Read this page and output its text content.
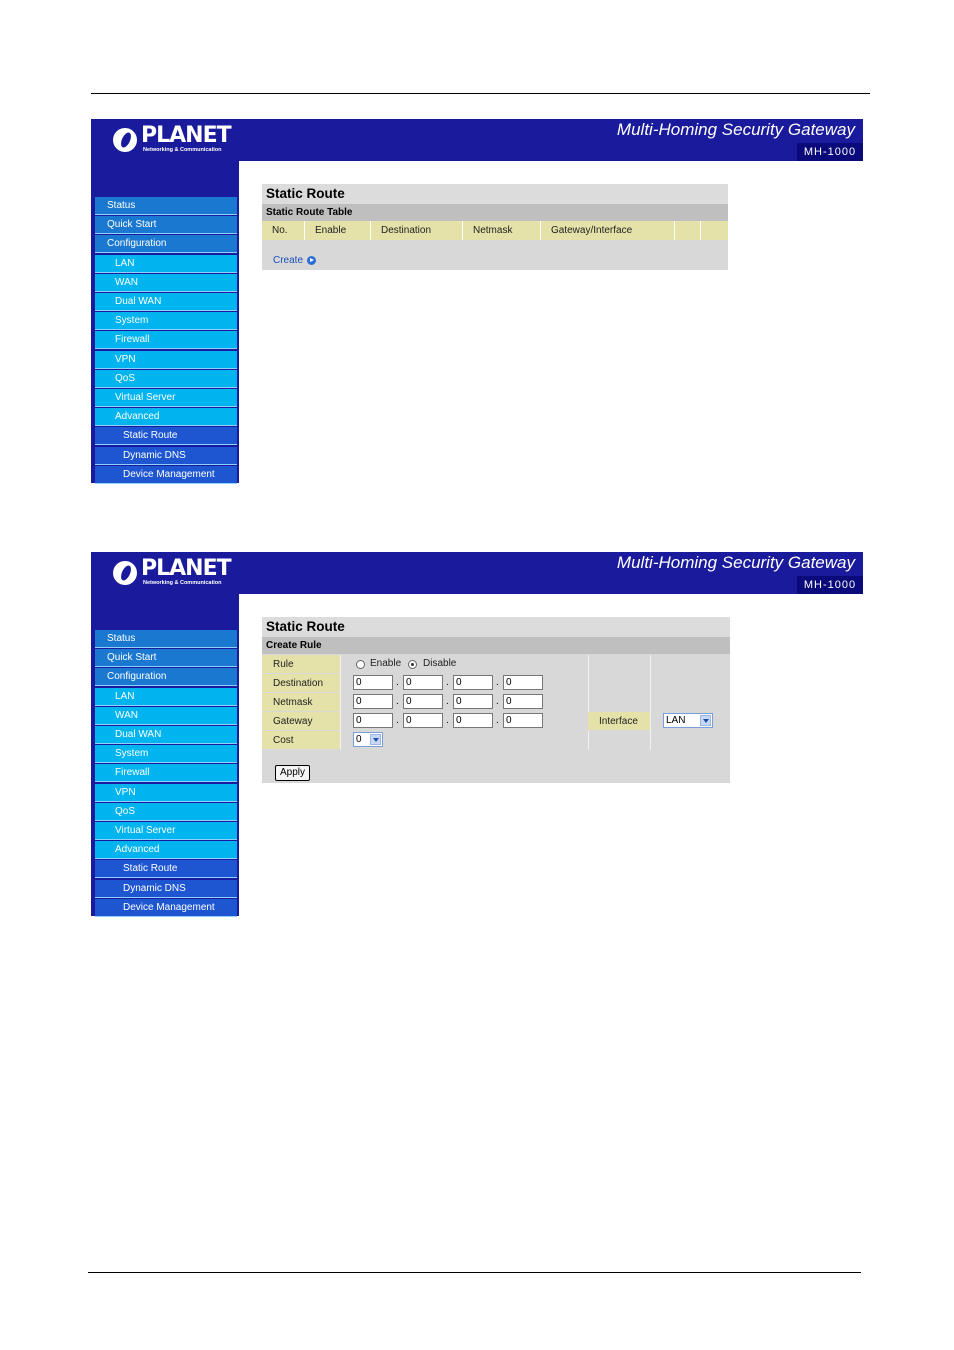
PLANET
Networking & Communication
Multi-Homing Security Gateway
MH-1000
Status
Quick Start
Configuration
LAN
WAN
Dual WAN
System
Firewall
VPN
QoS
Virtual Server
Advanced
Static Route
Dynamic DNS
Device Management
Static Route
Static Route Table
No.	Enable	Destination	Netmask	Gateway/Interface
Create
PLANET
Networking & Communication
Multi-Homing Security Gateway
MH-1000
Status
Quick Start
Configuration
LAN
WAN
Dual WAN
System
Firewall
VPN
QoS
Virtual Server
Advanced
Static Route
Dynamic DNS
Device Management
Static Route
Create Rule
Rule	Enable Disable
Destination	0	. 0	. 0	. 0
Netmask	0	. 0	. 0	. 0
Gateway	0	. 0	. 0	. 0	Interface	LAN
Cost	0
Apply
